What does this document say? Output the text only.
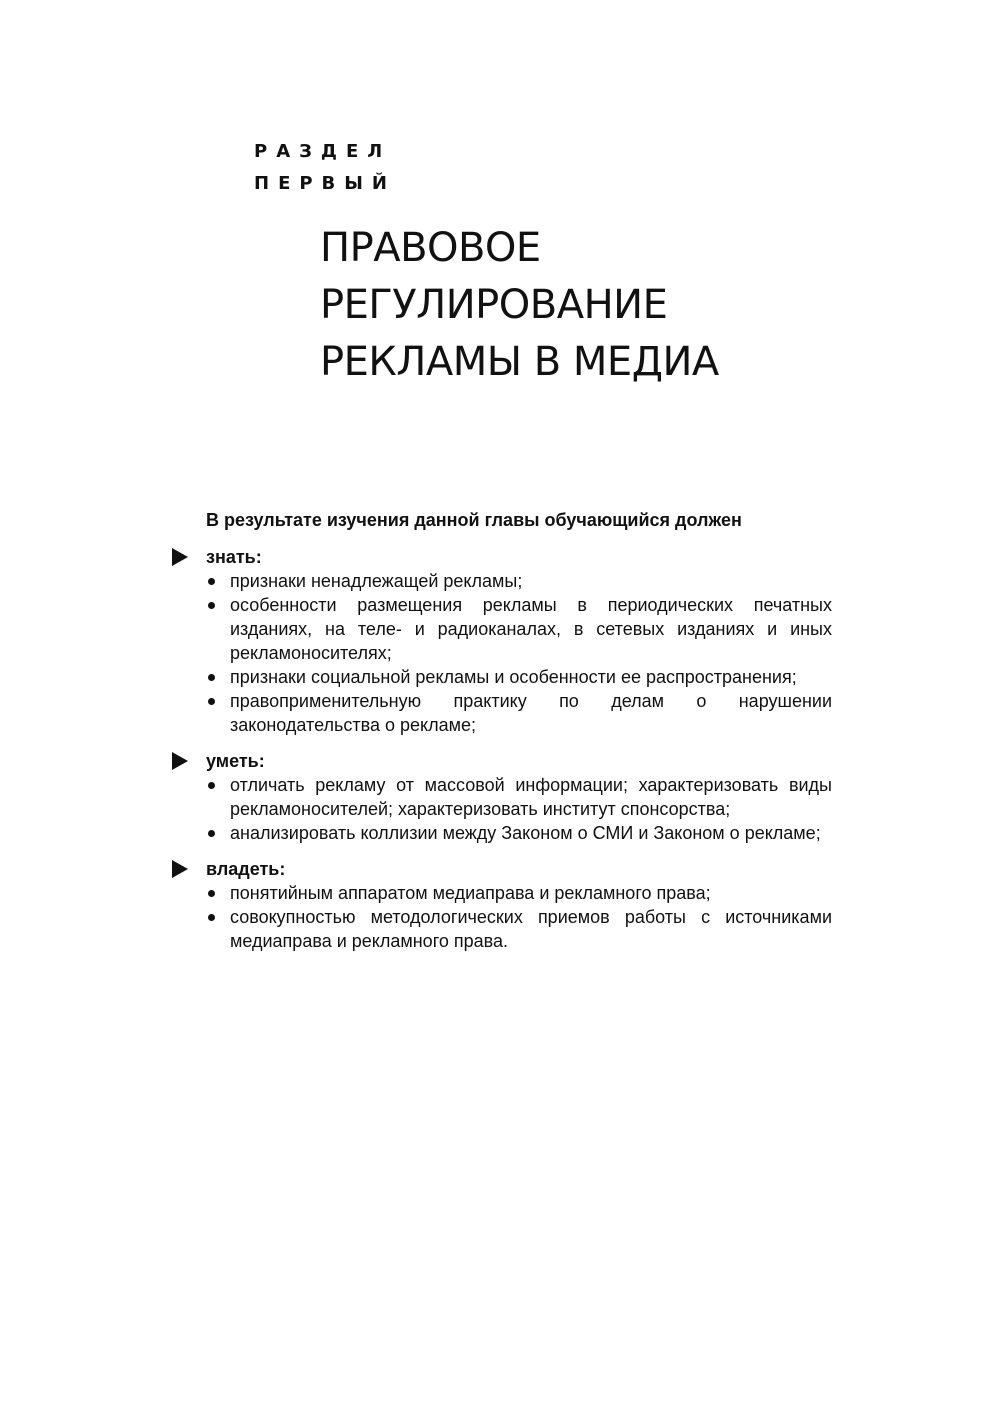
РАЗДЕЛ
ПЕРВЫЙ
ПРАВОВОЕ
РЕГУЛИРОВАНИЕ
РЕКЛАМЫ В МЕДИА

В результате изучения данной главы обучающийся должен

знать:
признаки ненадлежащей рекламы;
особенности размещения рекламы в периодических печатных изданиях, на теле- и радиоканалах, в сетевых изданиях и иных рекламоносителях;
признаки социальной рекламы и особенности ее распространения;
правоприменительную практику по делам о нарушении законодательства о рекламе;
уметь:
отличать рекламу от массовой информации; характеризовать виды рекламоносителей; характеризовать институт спонсорства;
анализировать коллизии между Законом о СМИ и Законом о рекламе;
владеть:
понятийным аппаратом медиаправа и рекламного права;
совокупностью методологических приемов работы с источниками медиаправа и рекламного права.
